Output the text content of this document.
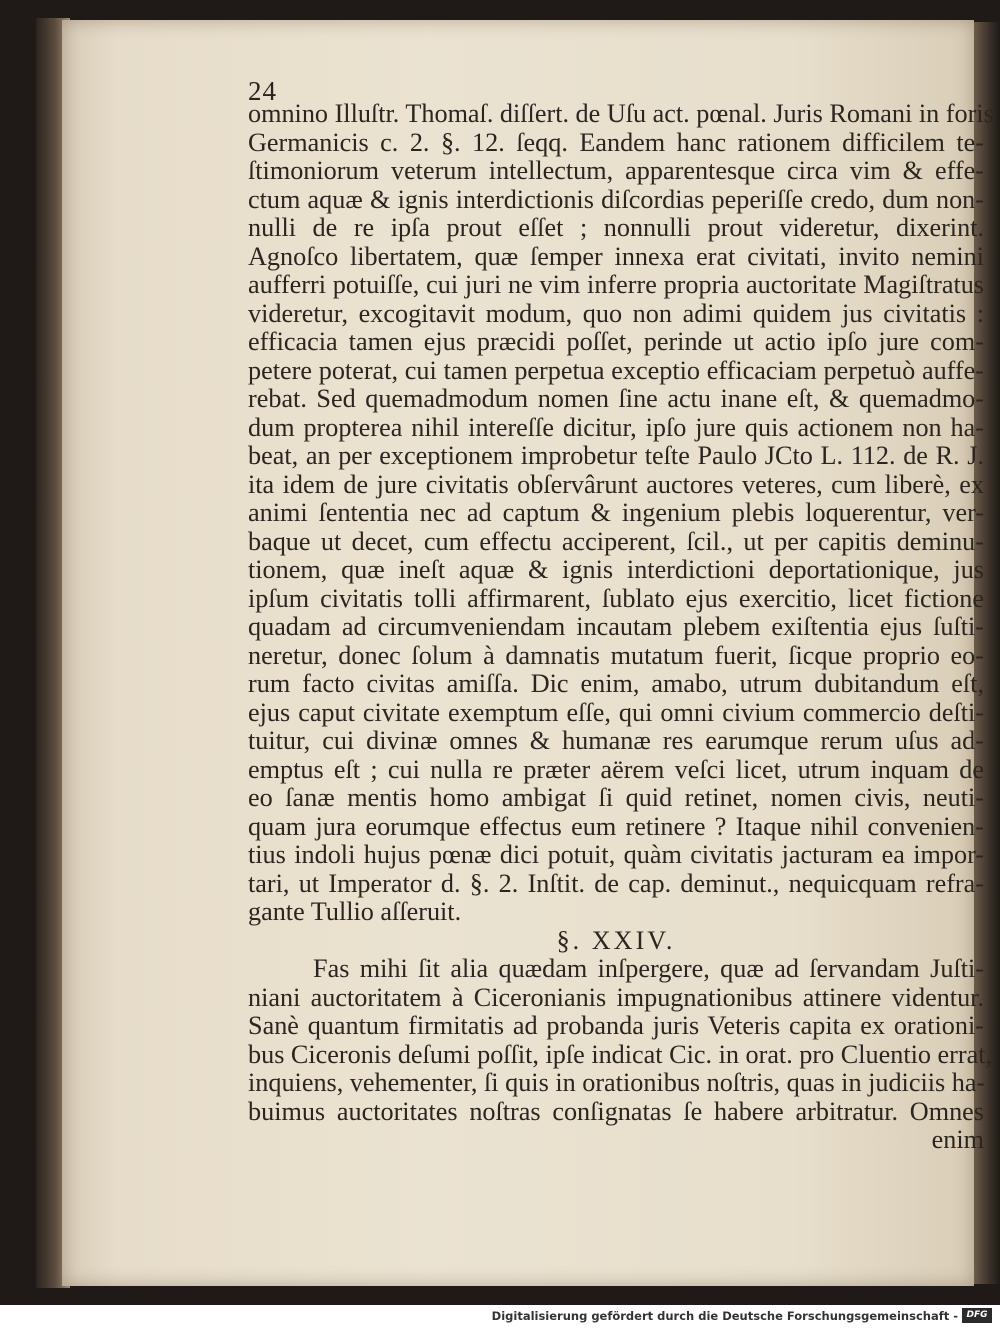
24
omnino Illuſtr. Thomaſ. diſſert. de Uſu act. pœnal. Juris Romani in foris
Germanicis c. 2. §. 12. ſeqq. Eandem hanc rationem difficilem te-
ſtimoniorum veterum intellectum, apparentesque circa vim & effe-
ctum aquæ & ignis interdictionis diſcordias peperiſſe credo, dum non-
nulli de re ipſa prout eſſet ; nonnulli prout videretur, dixerint.
Agnoſco libertatem, quæ ſemper innexa erat civitati, invito nemini
aufferri potuiſſe, cui juri ne vim inferre propria auctoritate Magiſtratus
videretur, excogitavit modum, quo non adimi quidem jus civitatis :
efficacia tamen ejus præcidi poſſet, perinde ut actio ipſo jure com-
petere poterat, cui tamen perpetua exceptio efficaciam perpetuò auffe-
rebat. Sed quemadmodum nomen ſine actu inane eſt, & quemadmo-
dum propterea nihil intereſſe dicitur, ipſo jure quis actionem non ha-
beat, an per exceptionem improbetur teſte Paulo JCto L. 112. de R. J.
ita idem de jure civitatis obſervârunt auctores veteres, cum liberè, ex
animi ſententia nec ad captum & ingenium plebis loquerentur, ver-
baque ut decet, cum effectu acciperent, ſcil., ut per capitis deminu-
tionem, quæ ineſt aquæ & ignis interdictioni deportationique, jus
ipſum civitatis tolli affirmarent, ſublato ejus exercitio, licet fictione
quadam ad circumveniendam incautam plebem exiſtentia ejus ſuſti-
neretur, donec ſolum à damnatis mutatum fuerit, ſicque proprio eo-
rum facto civitas amiſſa. Dic enim, amabo, utrum dubitandum eſt,
ejus caput civitate exemptum eſſe, qui omni civium commercio deſti-
tuitur, cui divinæ omnes & humanæ res earumque rerum uſus ad-
emptus eſt ; cui nulla re præter aërem veſci licet, utrum inquam de
eo ſanæ mentis homo ambigat ſi quid retinet, nomen civis, neuti-
quam jura eorumque effectus eum retinere ? Itaque nihil convenien-
tius indoli hujus pœnæ dici potuit, quàm civitatis jacturam ea impor-
tari, ut Imperator d. §. 2. Inſtit. de cap. deminut., nequicquam refra-
gante Tullio aſſeruit.
§. XXIV.
Fas mihi ſit alia quædam inſpergere, quæ ad ſervandam Juſti-
niani auctoritatem à Ciceronianis impugnationibus attinere videntur.
Sanè quantum firmitatis ad probanda juris Veteris capita ex orationi-
bus Ciceronis deſumi poſſit, ipſe indicat Cic. in orat. pro Cluentio errat,
inquiens, vehementer, ſi quis in orationibus noſtris, quas in judiciis ha-
buimus auctoritates noſtras conſignatas ſe habere arbitratur. Omnes
enim
Digitalisierung gefördert durch die Deutsche Forschungsgemeinschaft - DFG
